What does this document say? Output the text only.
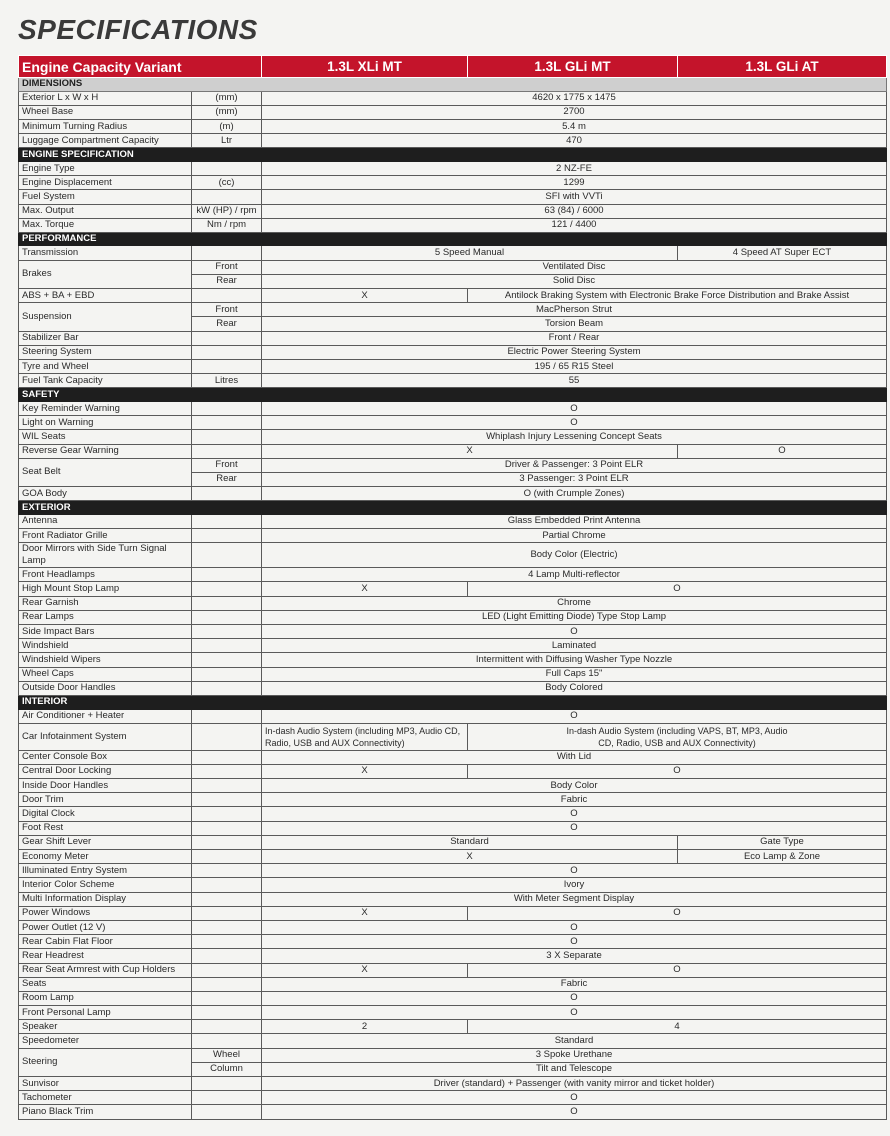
SPECIFICATIONS
Engine Capacity Variant		1.3L XLi MT	1.3L GLi MT	1.3L GLi AT
DIMENSIONS				
Exterior L x W x H	(mm)	4620 x 1775 x 1475		
Wheel Base	(mm)	2700		
Minimum Turning Radius	(m)	5.4 m		
Luggage Compartment Capacity	Ltr	470		
ENGINE SPECIFICATION				
Engine Type		2 NZ-FE		
Engine Displacement	(cc)	1299		
Fuel System		SFI with VVTi		
Max. Output	kW (HP) / rpm	63 (84) / 6000		
Max. Torque	Nm / rpm	121 / 4400		
PERFORMANCE				
Transmission		5 Speed Manual		4 Speed AT Super ECT
Brakes	Front	Ventilated Disc		
	Rear	Solid Disc		
ABS + BA + EBD		X	Antilock Braking System with Electronic Brake Force Distribution and Brake Assist	
Suspension	Front	MacPherson Strut		
	Rear	Torsion Beam		
Stabilizer Bar		Front / Rear		
Steering System		Electric Power Steering System		
Tyre and Wheel		195 / 65 R15 Steel		
Fuel Tank Capacity	Litres	55		
SAFETY				
Key Reminder Warning		O		
Light on Warning		O		
WIL Seats		Whiplash Injury Lessening Concept Seats		
Reverse Gear Warning		X		O
Seat Belt	Front	Driver & Passenger: 3 Point ELR		
	Rear	3 Passenger: 3 Point ELR		
GOA Body		O (with Crumple Zones)		
EXTERIOR				
Antenna		Glass Embedded Print Antenna		
Front Radiator Grille		Partial Chrome		
Door Mirrors with Side Turn Signal Lamp		Body Color (Electric)		
Front Headlamps		4 Lamp Multi-reflector		
High Mount Stop Lamp		X	O	
Rear Garnish		Chrome		
Rear Lamps		LED (Light Emitting Diode) Type Stop Lamp		
Side Impact Bars		O		
Windshield		Laminated		
Windshield Wipers		Intermittent with Diffusing Washer Type Nozzle		
Wheel Caps		Full Caps 15"		
Outside Door Handles		Body Colored		
INTERIOR				
Air Conditioner + Heater		O		
Car Infotainment System		In-dash Audio System (including MP3, Audio CD, Radio, USB and AUX Connectivity)	In-dash Audio System (including VAPS, BT, MP3, Audio CD, Radio, USB and AUX Connectivity)	
Center Console Box		With Lid		
Central Door Locking		X	O	
Inside Door Handles		Body Color		
Door Trim		Fabric		
Digital Clock		O		
Foot Rest		O		
Gear Shift Lever		Standard		Gate Type
Economy Meter		X		Eco Lamp & Zone
Illuminated Entry System		O		
Interior Color Scheme		Ivory		
Multi Information Display		With Meter Segment Display		
Power Windows		X	O	
Power Outlet (12 V)		O		
Rear Cabin Flat Floor		O		
Rear Headrest		3 X Separate		
Rear Seat Armrest with Cup Holders		X	O	
Seats		Fabric		
Room Lamp		O		
Front Personal Lamp		O		
Speaker		2	4	
Speedometer		Standard		
Steering	Wheel	3 Spoke Urethane		
	Column	Tilt and Telescope		
Sunvisor		Driver (standard) + Passenger (with vanity mirror and ticket holder)		
Tachometer		O		
Piano Black Trim		O		
